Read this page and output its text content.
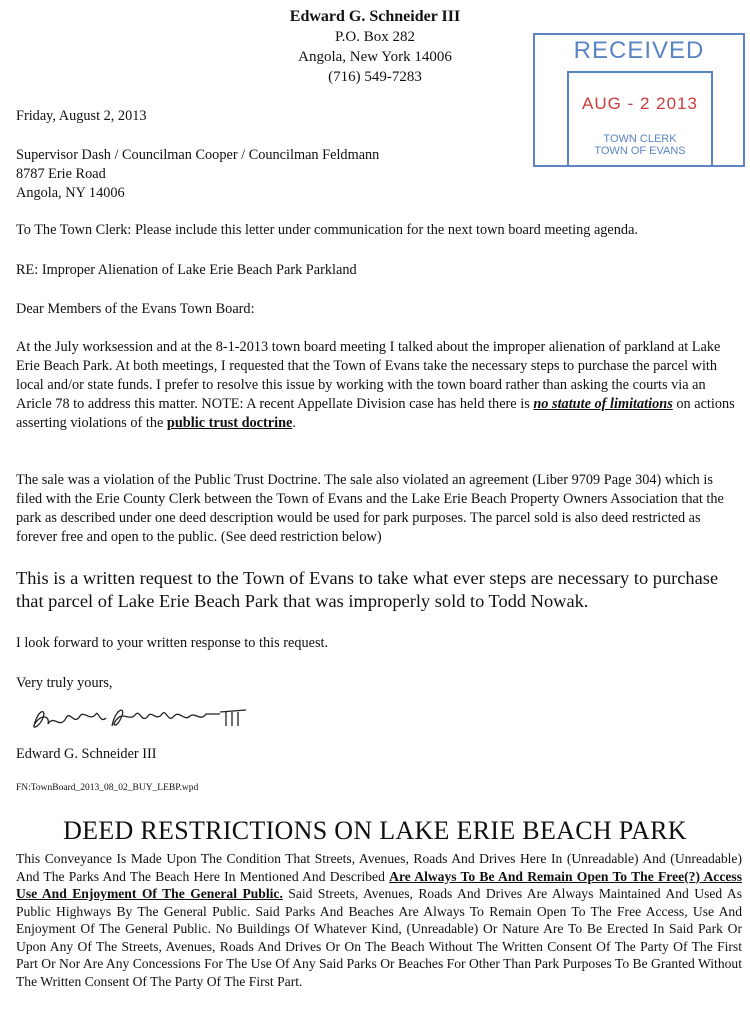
Edward G. Schneider III
P.O. Box 282
Angola, New York 14006
(716) 549-7283
RECEIVED
AUG - 2 2013
TOWN CLERK
TOWN OF EVANS
Friday, August 2, 2013
Supervisor Dash / Councilman Cooper / Councilman Feldmann
8787 Erie Road
Angola, NY 14006
To The Town Clerk: Please include this letter under communication for the next town board meeting agenda.
RE: Improper Alienation of Lake Erie Beach Park Parkland
Dear Members of the Evans Town Board:
At the July worksession and at the 8-1-2013 town board meeting I talked about the improper alienation of parkland at Lake Erie Beach Park. At both meetings, I requested that the Town of Evans take the necessary steps to purchase the parcel with local and/or state funds. I prefer to resolve this issue by working with the town board rather than asking the courts via an Aricle 78 to address this matter. NOTE: A recent Appellate Division case has held there is no statute of limitations on actions asserting violations of the public trust doctrine.
The sale was a violation of the Public Trust Doctrine. The sale also violated an agreement (Liber 9709 Page 304) which is filed with the Erie County Clerk between the Town of Evans and the Lake Erie Beach Property Owners Association that the park as described under one deed description would be used for park purposes. The parcel sold is also deed restricted as forever free and open to the public. (See deed restriction below)
This is a written request to the Town of Evans to take what ever steps are necessary to purchase that parcel of Lake Erie Beach Park that was improperly sold to Todd Nowak.
I look forward to your written response to this request.
Very truly yours,
Edward G. Schneider III
FN:TownBoard_2013_08_02_BUY_LEBP.wpd
DEED RESTRICTIONS ON LAKE ERIE BEACH PARK
This Conveyance Is Made Upon The Condition That Streets, Avenues, Roads And Drives Here In (Unreadable) And (Unreadable) And The Parks And The Beach Here In Mentioned And Described Are Always To Be And Remain Open To The Free(?) Access Use And Enjoyment Of The General Public. Said Streets, Avenues, Roads And Drives Are Always Maintained And Used As Public Highways By The General Public. Said Parks And Beaches Are Always To Remain Open To The Free Access, Use And Enjoyment Of The General Public. No Buildings Of Whatever Kind, (Unreadable) Or Nature Are To Be Erected In Said Park Or Upon Any Of The Streets, Avenues, Roads And Drives Or On The Beach Without The Written Consent Of The Party Of The First Part Or Nor Are Any Concessions For The Use Of Any Said Parks Or Beaches For Other Than Park Purposes To Be Granted Without The Written Consent Of The Party Of The First Part.
